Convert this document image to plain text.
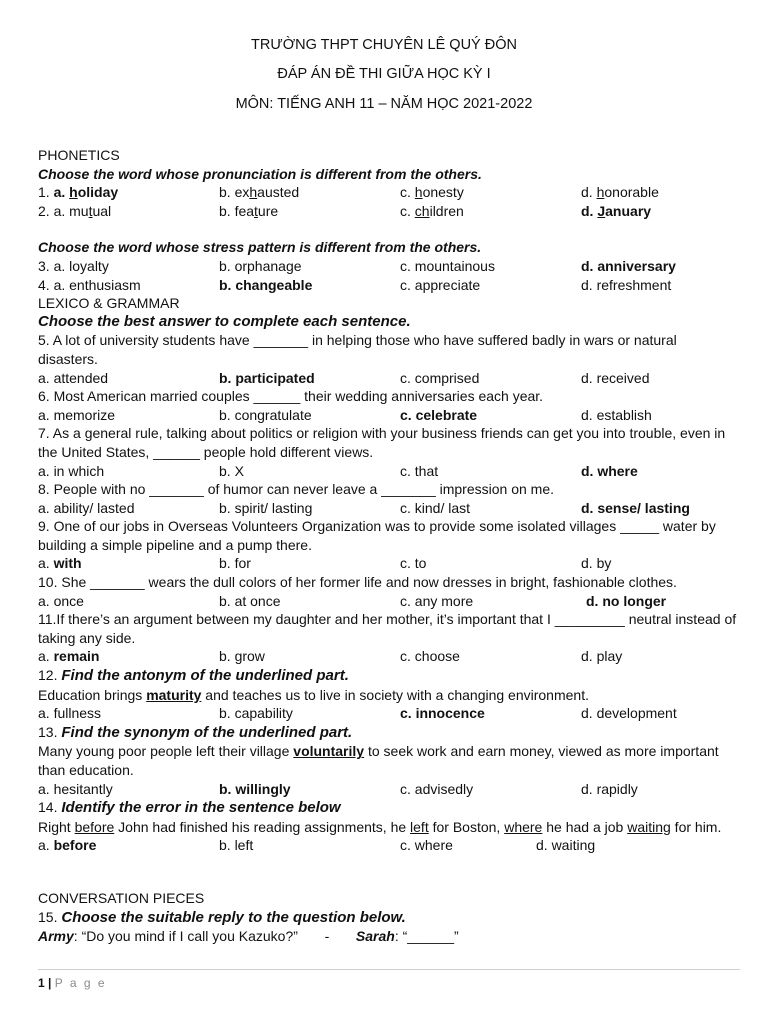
TRƯỜNG THPT CHUYÊN LÊ QUÝ ĐÔN
ĐÁP ÁN ĐỀ THI GIỮA HỌC KỲ I
MÔN: TIẾNG ANH 11 – NĂM HỌC 2021-2022

PHONETICS

Choose the word whose pronunciation is different from the others.

1. a. holiday	b. exhausted	c. honesty	d. honorable
2. a. mutual	b. feature	c. children	d. January

Choose the word whose stress pattern is different from the others.

3. a. loyalty	b. orphanage	c. mountainous	d. anniversary
4. a. enthusiasm	b. changeable	c. appreciate	d. refreshment

LEXICO & GRAMMAR

Choose the best answer to complete each sentence.

5. A lot of university students have _______ in helping those who have suffered badly in wars or natural disasters.

a. attended	b. participated	c. comprised	d. received

6. Most American married couples ______ their wedding anniversaries each year.

a. memorize	b. congratulate	c. celebrate	d. establish

7. As a general rule, talking about politics or religion with your business friends can get you into trouble, even in the United States, ______ people hold different views.

a. in which	b. X	c. that	d. where

8. People with no _______ of humor can never leave a _______ impression on me.

a. ability/ lasted	b. spirit/ lasting	c. kind/ last	d. sense/ lasting

9. One of our jobs in Overseas Volunteers Organization was to provide some isolated villages _____ water by building a simple pipeline and a pump there.

a. with	b. for	c. to	d. by

10. She _______ wears the dull colors of her former life and now dresses in bright, fashionable clothes.

a. once	b. at once	c. any more	d. no longer

11.If there’s an argument between my daughter and her mother, it’s important that I _________ neutral instead of taking any side.

a. remain	b. grow	c. choose	d. play

12. Find the antonym of the underlined part.

Education brings maturity and teaches us to live in society with a changing environment.

a. fullness	b. capability	c. innocence	d. development

13. Find the synonym of the underlined part.

Many young poor people left their village voluntarily to seek work and earn money, viewed as more important than education.

a. hesitantly	b. willingly	c. advisedly	d. rapidly

14. Identify the error in the sentence below

Right before John had finished his reading assignments, he left for Boston, where he had a job waiting for him.

a. before	b. left	c. where	d. waiting

CONVERSATION PIECES

15. Choose the suitable reply to the question below.

Army: “Do you mind if I call you Kazuko?” - Sarah: “______”

1 | P a g e
